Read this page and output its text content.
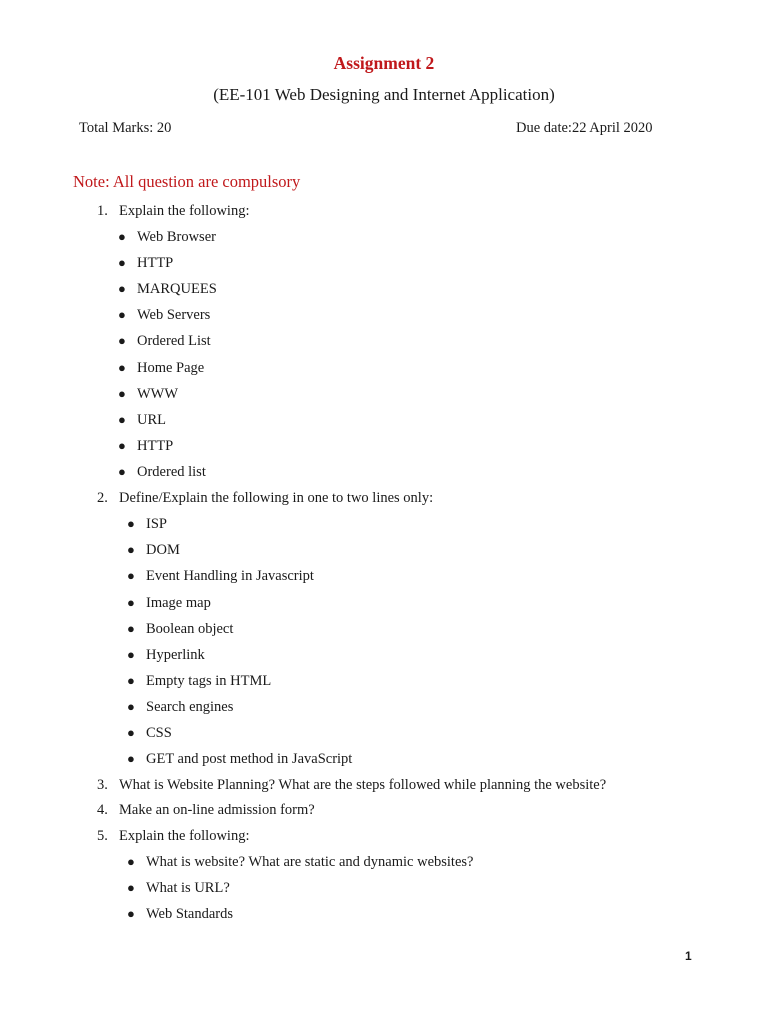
Assignment 2
(EE-101 Web Designing and Internet Application)
Total Marks: 20	Due date:22 April 2020
Note: All question are compulsory
1. Explain the following:
● Web Browser
● HTTP
● MARQUEES
● Web Servers
● Ordered List
● Home Page
● WWW
● URL
● HTTP
● Ordered list
2. Define/Explain the following in one to two lines only:
● ISP
● DOM
● Event Handling in Javascript
● Image map
● Boolean object
● Hyperlink
● Empty tags in HTML
● Search engines
● CSS
● GET and post method in JavaScript
3. What is Website Planning? What are the steps followed while planning the website?
4. Make an on-line admission form?
5. Explain the following:
● What is website? What are static and dynamic websites?
● What is URL?
● Web Standards
1
